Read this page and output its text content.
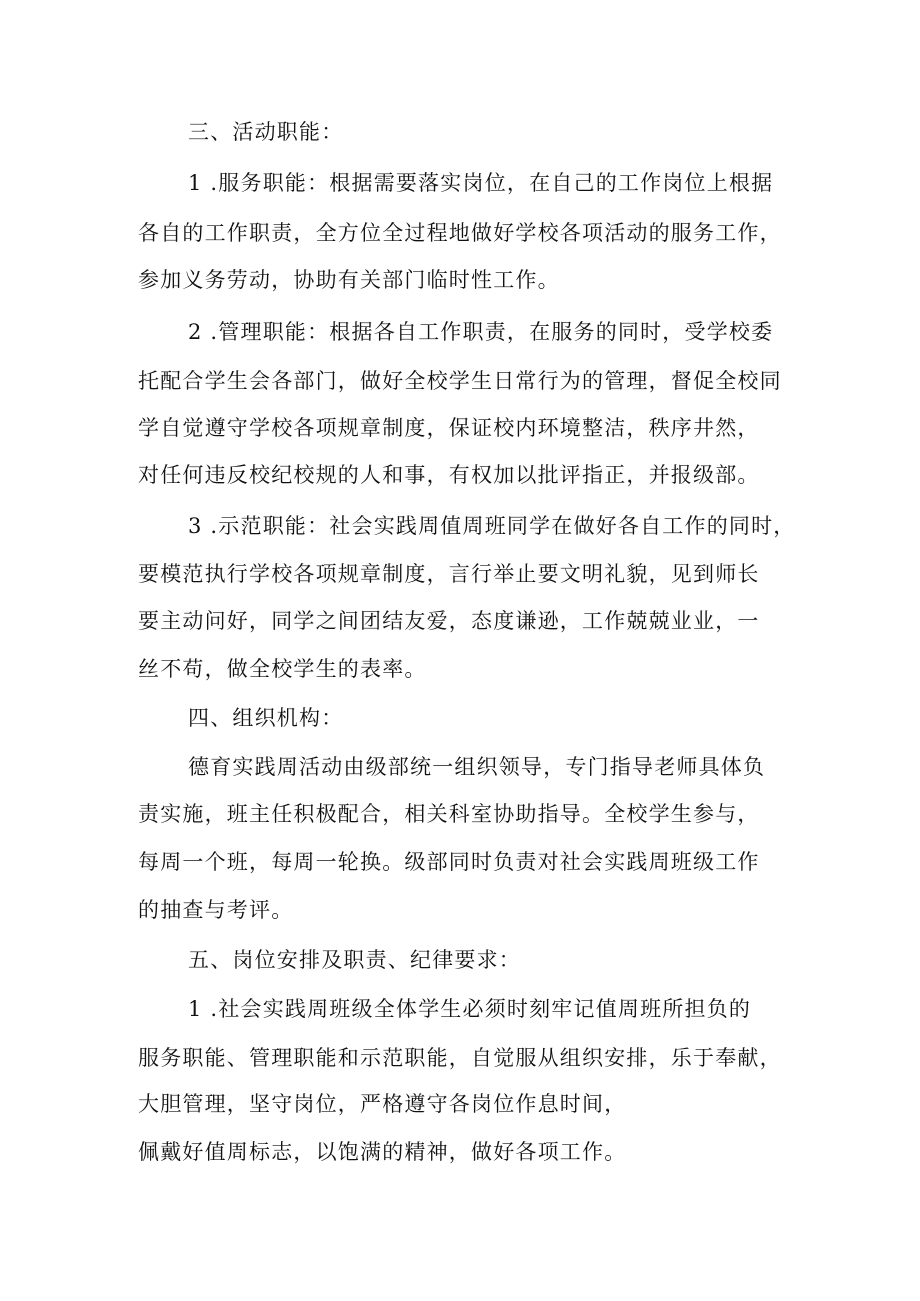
三、活动职能：
1 .服务职能：根据需要落实岗位，在自己的工作岗位上根据
各自的工作职责，全方位全过程地做好学校各项活动的服务工作，
参加义务劳动，协助有关部门临时性工作。
2 .管理职能：根据各自工作职责，在服务的同时，受学校委
托配合学生会各部门，做好全校学生日常行为的管理，督促全校同
学自觉遵守学校各项规章制度，保证校内环境整洁，秩序井然，
对任何违反校纪校规的人和事，有权加以批评指正，并报级部。
3 .示范职能：社会实践周值周班同学在做好各自工作的同时，
要模范执行学校各项规章制度，言行举止要文明礼貌，见到师长
要主动问好，同学之间团结友爱，态度谦逊，工作兢兢业业，一
丝不苟，做全校学生的表率。
四、组织机构：
德育实践周活动由级部统一组织领导，专门指导老师具体负
责实施，班主任积极配合，相关科室协助指导。全校学生参与，
每周一个班，每周一轮换。级部同时负责对社会实践周班级工作
的抽查与考评。
五、岗位安排及职责、纪律要求：
1 .社会实践周班级全体学生必须时刻牢记值周班所担负的
服务职能、管理职能和示范职能，自觉服从组织安排，乐于奉献，
大胆管理，坚守岗位，严格遵守各岗位作息时间，
佩戴好值周标志，以饱满的精神，做好各项工作。
